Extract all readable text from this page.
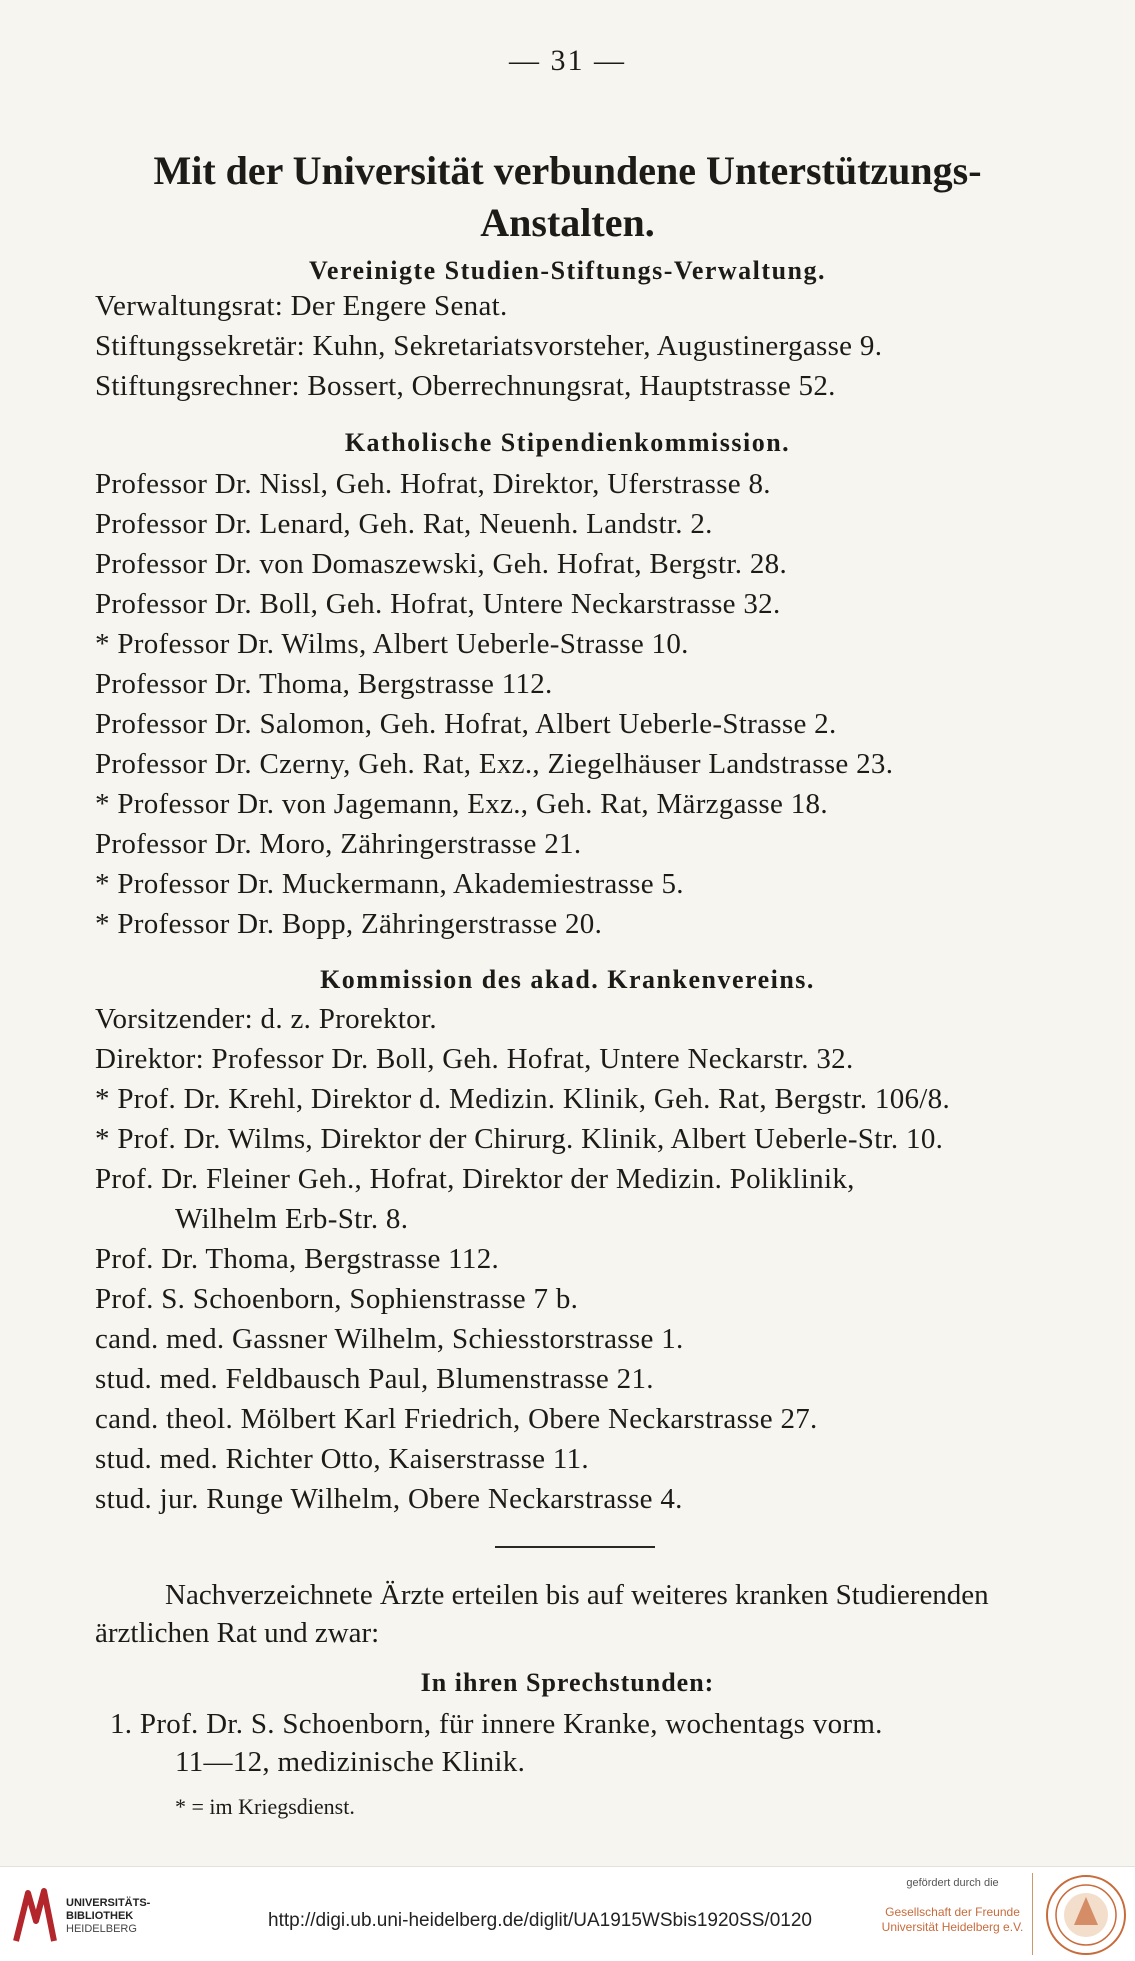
— 31 —
Mit der Universität verbundene Unterstützungs-
Anstalten.
Vereinigte Studien-Stiftungs-Verwaltung.
Verwaltungsrat: Der Engere Senat.
Stiftungssekretär: Kuhn, Sekretariatsvorsteher, Augustinergasse 9.
Stiftungsrechner: Bossert, Oberrechnungsrat, Hauptstrasse 52.
Katholische Stipendienkommission.
Professor Dr. Nissl, Geh. Hofrat, Direktor, Uferstrasse 8.
Professor Dr. Lenard, Geh. Rat, Neuenh. Landstr. 2.
Professor Dr. von Domaszewski, Geh. Hofrat, Bergstr. 28.
Professor Dr. Boll, Geh. Hofrat, Untere Neckarstrasse 32.
* Professor Dr. Wilms, Albert Ueberle-Strasse 10.
Professor Dr. Thoma, Bergstrasse 112.
Professor Dr. Salomon, Geh. Hofrat, Albert Ueberle-Strasse 2.
Professor Dr. Czerny, Geh. Rat, Exz., Ziegelhäuser Landstrasse 23.
* Professor Dr. von Jagemann, Exz., Geh. Rat, Märzgasse 18.
Professor Dr. Moro, Zähringerstrasse 21.
* Professor Dr. Muckermann, Akademiestrasse 5.
* Professor Dr. Bopp, Zähringerstrasse 20.
Kommission des akad. Krankenvereins.
Vorsitzender: d. z. Prorektor.
Direktor: Professor Dr. Boll, Geh. Hofrat, Untere Neckarstr. 32.
* Prof. Dr. Krehl, Direktor d. Medizin. Klinik, Geh. Rat, Bergstr. 106/8.
* Prof. Dr. Wilms, Direktor der Chirurg. Klinik, Albert Ueberle-Str. 10.
Prof. Dr. Fleiner Geh., Hofrat, Direktor der Medizin. Poliklinik,
Wilhelm Erb-Str. 8.
Prof. Dr. Thoma, Bergstrasse 112.
Prof. S. Schoenborn, Sophienstrasse 7 b.
cand. med. Gassner Wilhelm, Schiesstorstrasse 1.
stud. med. Feldbausch Paul, Blumenstrasse 21.
cand. theol. Mölbert Karl Friedrich, Obere Neckarstrasse 27.
stud. med. Richter Otto, Kaiserstrasse 11.
stud. jur. Runge Wilhelm, Obere Neckarstrasse 4.
Nachverzeichnete Ärzte erteilen bis auf weiteres kranken Studierenden ärztlichen Rat und zwar:
In ihren Sprechstunden:
1. Prof. Dr. S. Schoenborn, für innere Kranke, wochentags vorm.
11—12, medizinische Klinik.
* = im Kriegsdienst.
UNIVERSITÄTS-
BIBLIOTHEK
HEIDELBERG	http://digi.ub.uni-heidelberg.de/diglit/UA1915WSbis1920SS/0120
gefördert durch die
Gesellschaft der Freunde
Universität Heidelberg e.V.
